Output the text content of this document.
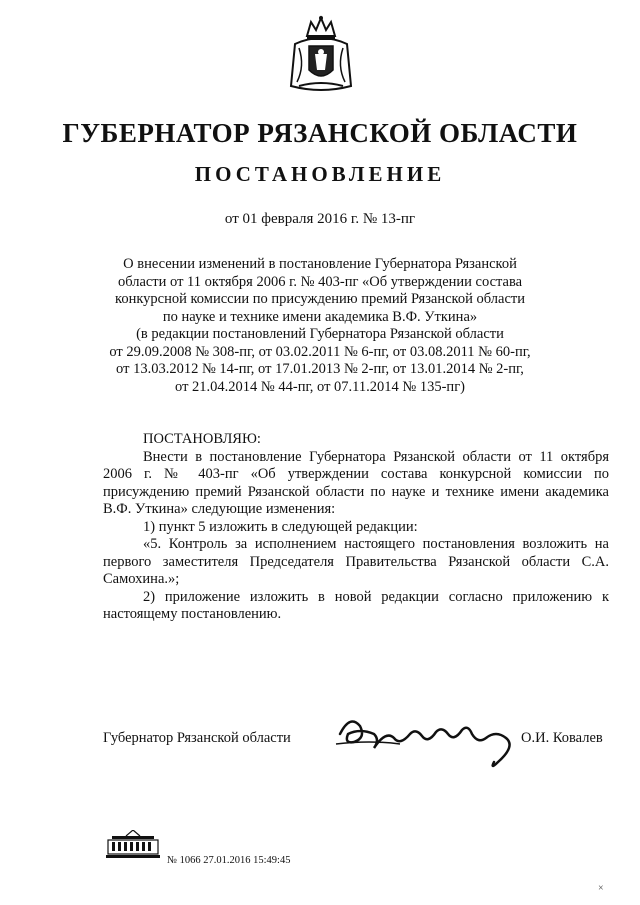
ГУБЕРНАТОР РЯЗАНСКОЙ ОБЛАСТИ
ПОСТАНОВЛЕНИЕ
от 01 февраля 2016 г. № 13-пг
О внесении изменений в постановление Губернатора Рязанской
области от 11 октября 2006 г. № 403-пг «Об утверждении состава
конкурсной комиссии по присуждению премий Рязанской области
по науке и технике имени академика В.Ф. Уткина»
(в редакции постановлений Губернатора Рязанской области
от 29.09.2008 № 308-пг, от 03.02.2011 № 6-пг, от 03.08.2011 № 60-пг,
от 13.03.2012 № 14-пг, от 17.01.2013 № 2-пг, от 13.01.2014 № 2-пг,
от 21.04.2014 № 44-пг, от 07.11.2014 № 135-пг)

ПОСТАНОВЛЯЮ:

Внести в постановление Губернатора Рязанской области от 11 октября 2006 г. № 403-пг «Об утверждении состава конкурсной комиссии по присуждению премий Рязанской области по науке и технике имени академика В.Ф. Уткина» следующие изменения:

1) пункт 5 изложить в следующей редакции:

«5. Контроль за исполнением настоящего постановления возложить на первого заместителя Председателя Правительства Рязанской области С.А. Самохина.»;

2) приложение изложить в новой редакции согласно приложению к настоящему постановлению.

Губернатор Рязанской области	О.И. Ковалев
№ 1066 27.01.2016 15:49:45
×
